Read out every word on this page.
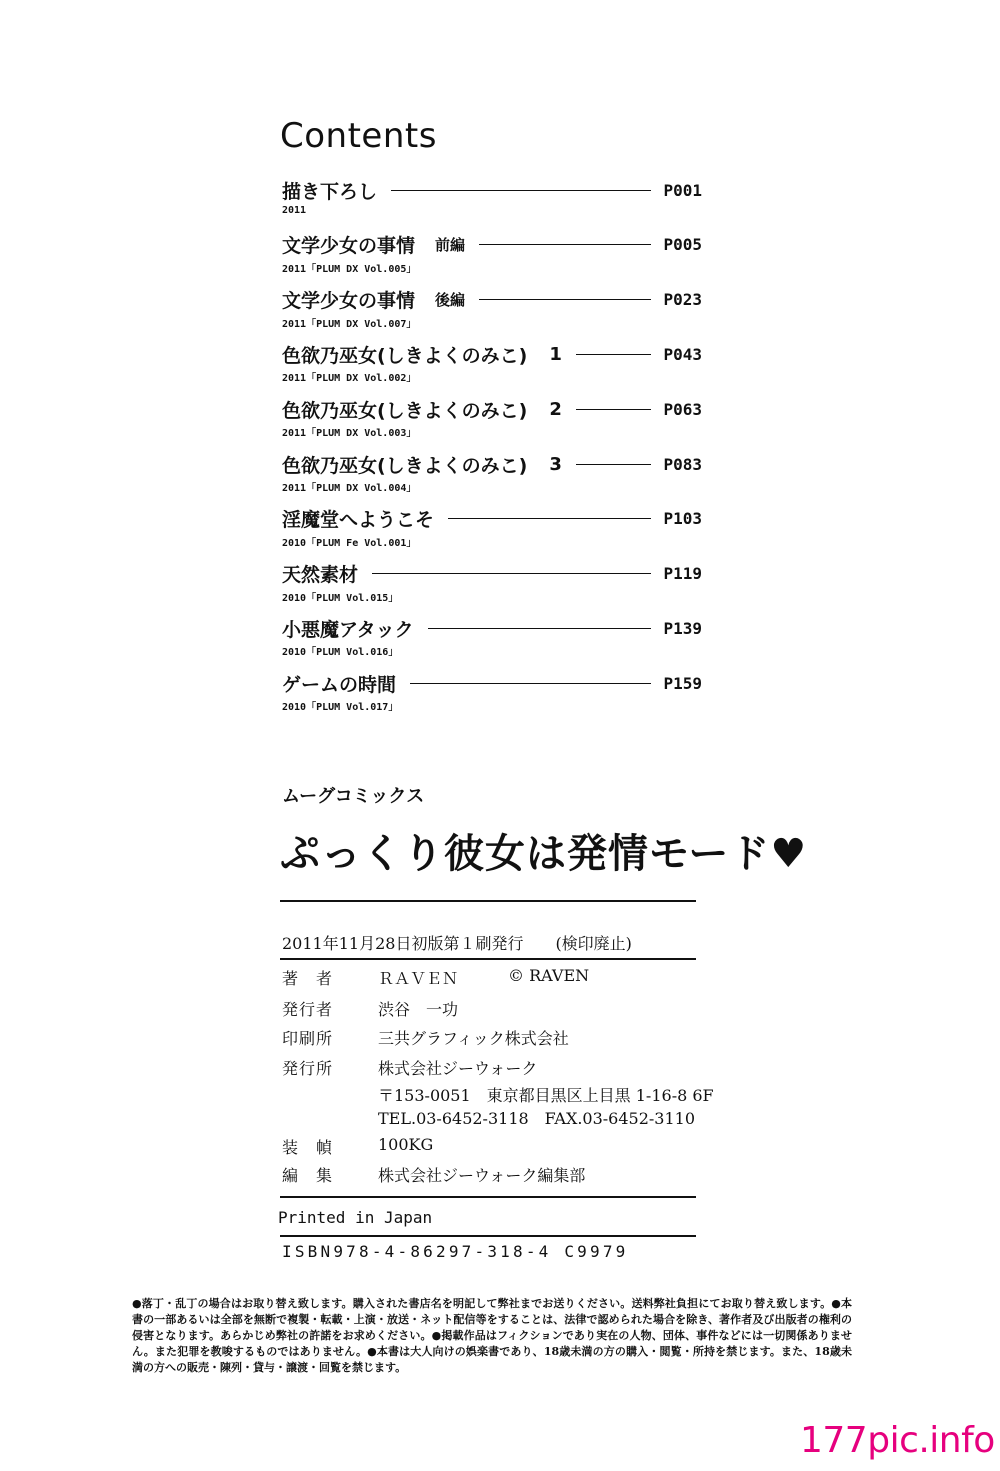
Contents
描き下ろし	P001
2011
文学少女の事情 前編	P005
2011「PLUM DX Vol.005」
文学少女の事情 後編	P023
2011「PLUM DX Vol.007」
色欲乃巫女(しきよくのみこ) 1	P043
2011「PLUM DX Vol.002」
色欲乃巫女(しきよくのみこ) 2	P063
2011「PLUM DX Vol.003」
色欲乃巫女(しきよくのみこ) 3	P083
2011「PLUM DX Vol.004」
淫魔堂へようこそ	P103
2010「PLUM Fe Vol.001」
天然素材	P119
2010「PLUM Vol.015」
小悪魔アタック	P139
2010「PLUM Vol.016」
ゲームの時間	P159
2010「PLUM Vol.017」
ムーグコミックス
ぷっくり彼女は発情モード♥
2011年11月28日初版第１刷発行　　(検印廃止)
著　者	ＲＡＶＥＮ	© RAVEN
発行者	渋谷　一功
印刷所	三共グラフィック株式会社
発行所	株式会社ジーウォーク
〒153-0051　東京都目黒区上目黒 1-16-8 6F
TEL.03-6452-3118　FAX.03-6452-3110
装　幀	100KG
編　集	株式会社ジーウォーク編集部
Printed in Japan
ISBN978-4-86297-318-4 C9979
●落丁・乱丁の場合はお取り替え致します。購入された書店名を明記して弊社までお送りください。送料弊社負担にてお取り替え致します。●本書の一部あるいは全部を無断で複製・転載・上演・放送・ネット配信等をすることは、法律で認められた場合を除き、著作者及び出版者の権利の侵害となります。あらかじめ弊社の許諾をお求めください。●掲載作品はフィクションであり実在の人物、団体、事件などには一切関係ありません。また犯罪を教唆するものではありません。●本書は大人向けの娯楽書であり、18歳未満の方の購入・閲覧・所持を禁じます。また、18歳未満の方への販売・陳列・貸与・譲渡・回覧を禁じます。
177pic.info
